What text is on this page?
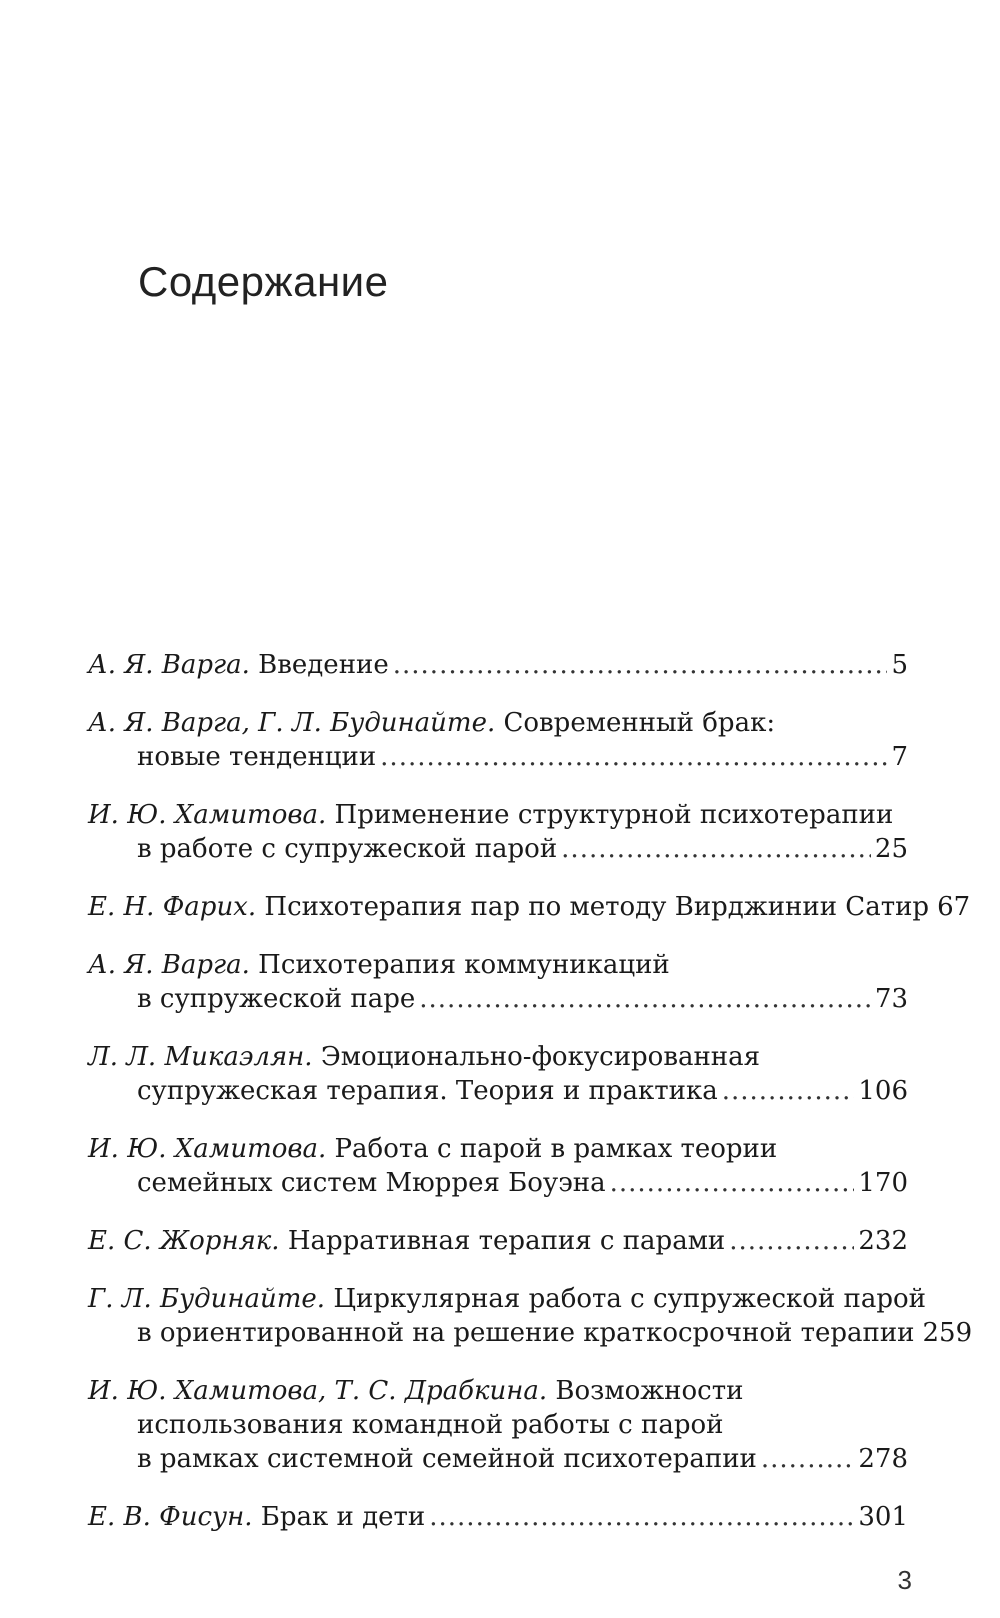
Содержание
А. Я. Варга.
Введение .....	5
А. Я. Варга, Г. Л. Будинайте.
Современный брак:
новые тенденции .....	7
И. Ю. Хамитова.
Применение структурной психотерапии
в работе с супружеской парой .....	25
Е. Н. Фарих.
Психотерапия пар по методу Вирджинии Сатир 67
А. Я. Варга.
Психотерапия коммуникаций
в супружеской паре .....	73
Л. Л. Микаэлян.
Эмоционально-фокусированная
супружеская терапия. Теория и практика .....	106
И. Ю. Хамитова.
Работа с парой в рамках теории
семейных систем Мюррея Боуэна .....	170
Е. С. Жорняк.
Нарративная терапия с парами .....	232
Г. Л. Будинайте.
Циркулярная работа с супружеской парой
в ориентированной на решение краткосрочной терапии 259
И. Ю. Хамитова, Т. С. Драбкина.
Возможности
использования командной работы с парой
в рамках системной семейной психотерапии .....	278
Е. В. Фисун.
Брак и дети .....	301
3
